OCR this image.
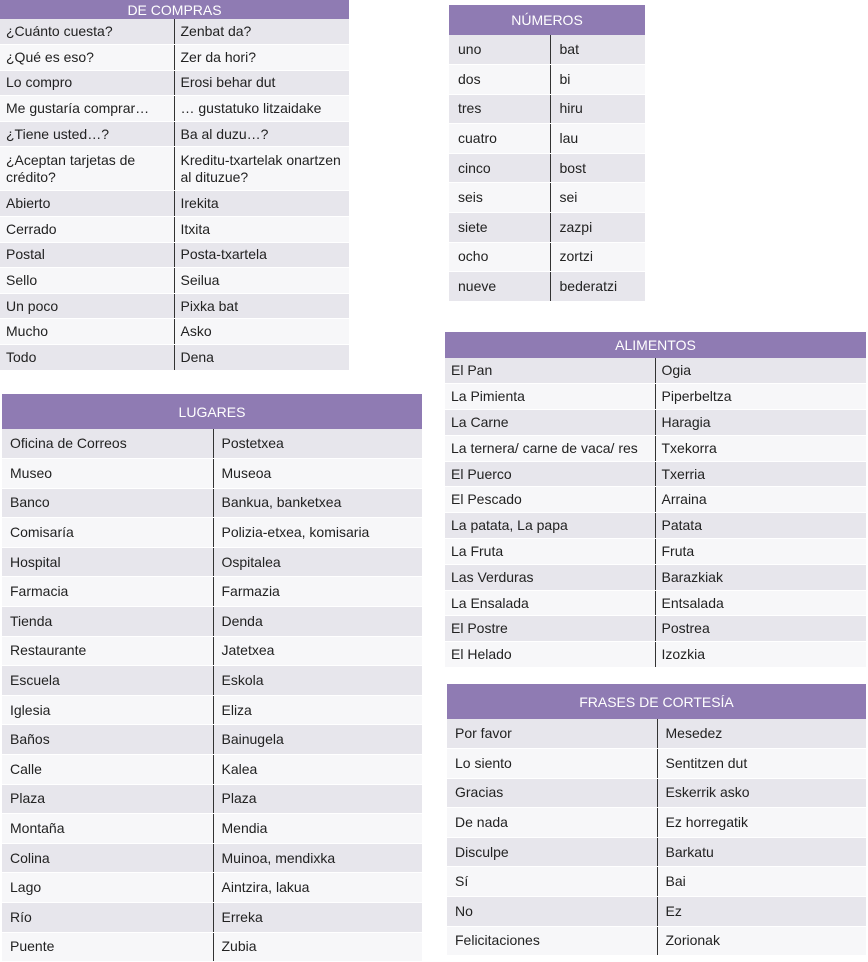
DE COMPRAS	
¿Cuánto cuesta?	Zenbat da?
¿Qué es eso?	Zer da hori?
Lo compro	Erosi behar dut
Me gustaría comprar…	… gustatuko litzaidake
¿Tiene usted…?	Ba al duzu…?
¿Aceptan tarjetas de crédito?	Kreditu-txartelak onartzen al dituzue?
Abierto	Irekita
Cerrado	Itxita
Postal	Posta-txartela
Sello	Seilua
Un poco	Pixka bat
Mucho	Asko
Todo	Dena
NÚMEROS	
uno	bat
dos	bi
tres	hiru
cuatro	lau
cinco	bost
seis	sei
siete	zazpi
ocho	zortzi
nueve	bederatzi
ALIMENTOS	
El Pan	Ogia
La Pimienta	Piperbeltza
La Carne	Haragia
La ternera/ carne de vaca/ res	Txekorra
El Puerco	Txerria
El Pescado	Arraina
La patata, La papa	Patata
La Fruta	Fruta
Las Verduras	Barazkiak
La Ensalada	Entsalada
El Postre	Postrea
El Helado	Izozkia
LUGARES	
Oficina de Correos	Postetxea
Museo	Museoa
Banco	Bankua, banketxea
Comisaría	Polizia-etxea, komisaria
Hospital	Ospitalea
Farmacia	Farmazia
Tienda	Denda
Restaurante	Jatetxea
Escuela	Eskola
Iglesia	Eliza
Baños	Bainugela
Calle	Kalea
Plaza	Plaza
Montaña	Mendia
Colina	Muinoa, mendixka
Lago	Aintzira, lakua
Río	Erreka
Puente	Zubia
FRASES DE CORTESÍA	
Por favor	Mesedez
Lo siento	Sentitzen dut
Gracias	Eskerrik asko
De nada	Ez horregatik
Disculpe	Barkatu
Sí	Bai
No	Ez
Felicitaciones	Zorionak
